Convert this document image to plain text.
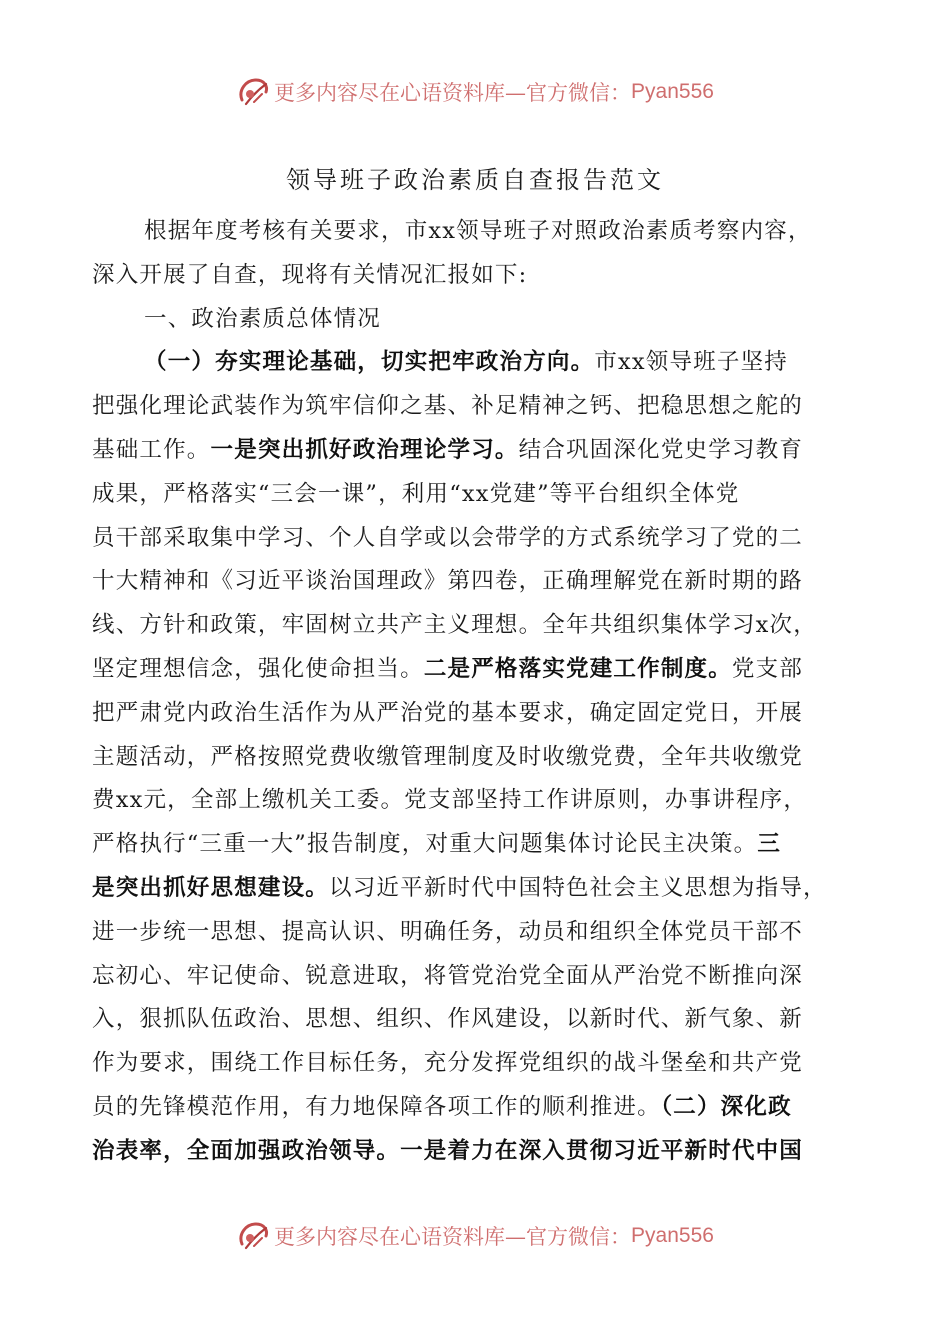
更多内容尽在心语资料库—官方微信： Pyan556
领导班子政治素质自查报告范文
根据年度考核有关要求，市xx领导班子对照政治素质考察内容，
深入开展了自查，现将有关情况汇报如下:
一、政治素质总体情况
（一）夯实理论基础，切实把牢政治方向。市xx领导班子坚持
把强化理论武装作为筑牢信仰之基、补足精神之钙、把稳思想之舵的
基础工作。一是突出抓好政治理论学习。结合巩固深化党史学习教育
成果，严格落实“三会一课”，利用“xx党建”等平台组织全体党
员干部采取集中学习、个人自学或以会带学的方式系统学习了党的二
十大精神和《习近平谈治国理政》第四卷，正确理解党在新时期的路
线、方针和政策，牢固树立共产主义理想。全年共组织集体学习x次，
坚定理想信念，强化使命担当。二是严格落实党建工作制度。党支部
把严肃党内政治生活作为从严治党的基本要求，确定固定党日，开展
主题活动，严格按照党费收缴管理制度及时收缴党费，全年共收缴党
费xx元，全部上缴机关工委。党支部坚持工作讲原则，办事讲程序，
严格执行“三重一大”报告制度，对重大问题集体讨论民主决策。三
是突出抓好思想建设。以习近平新时代中国特色社会主义思想为指导，
进一步统一思想、提高认识、明确任务，动员和组织全体党员干部不
忘初心、牢记使命、锐意进取，将管党治党全面从严治党不断推向深
入，狠抓队伍政治、思想、组织、作风建设，以新时代、新气象、新
作为要求，围绕工作目标任务，充分发挥党组织的战斗堡垒和共产党
员的先锋模范作用，有力地保障各项工作的顺利推进。（二）深化政
治表率，全面加强政治领导。一是着力在深入贯彻习近平新时代中国
更多内容尽在心语资料库—官方微信： Pyan556
